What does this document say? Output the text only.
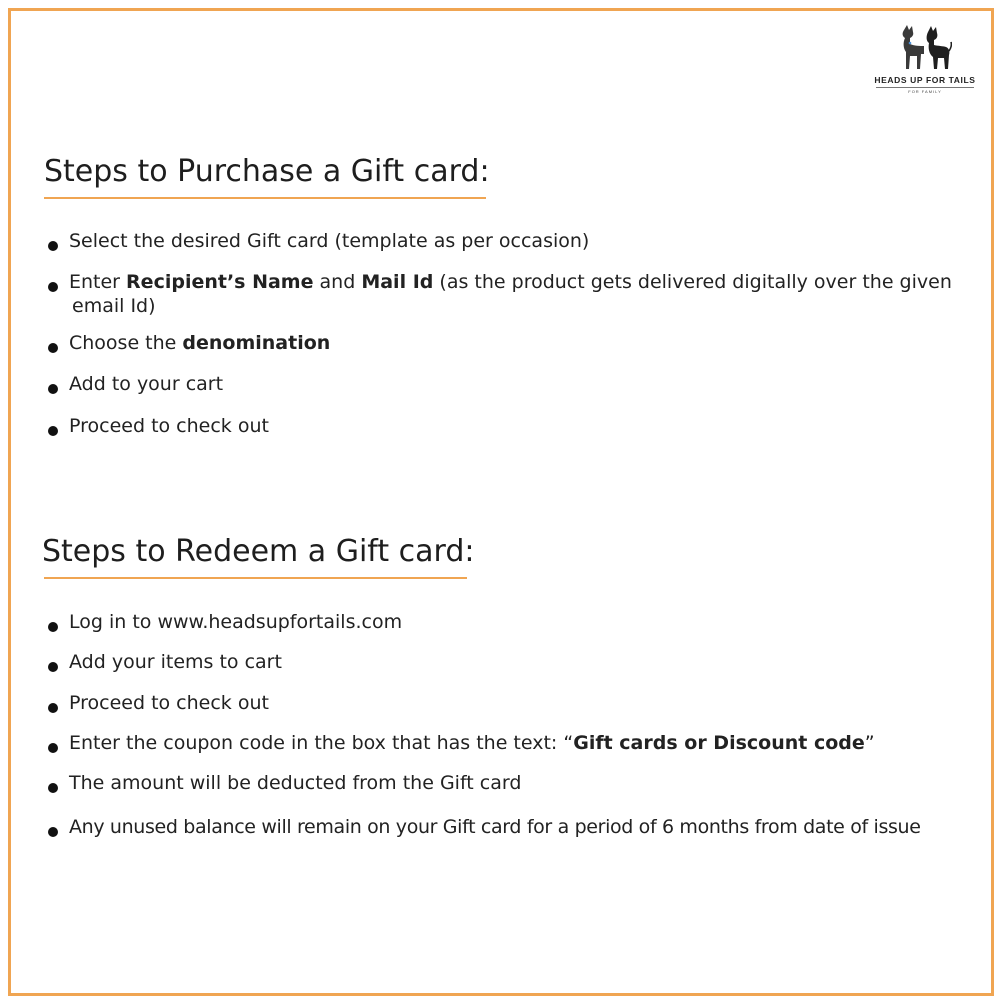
HEADS UP FOR TAILS
FOR FAMILY
Steps to Purchase a Gift card:
Select the desired Gift card (template as per occasion)
Enter Recipient’s Name and Mail Id (as the product gets delivered digitally over the given
email Id)
Choose the denomination
Add to your cart
Proceed to check out
Steps to Redeem a Gift card:
Log in to www.headsupfortails.com
Add your items to cart
Proceed to check out
Enter the coupon code in the box that has the text: “Gift cards or Discount code”
The amount will be deducted from the Gift card
Any unused balance will remain on your Gift card for a period of 6 months from date of issue
